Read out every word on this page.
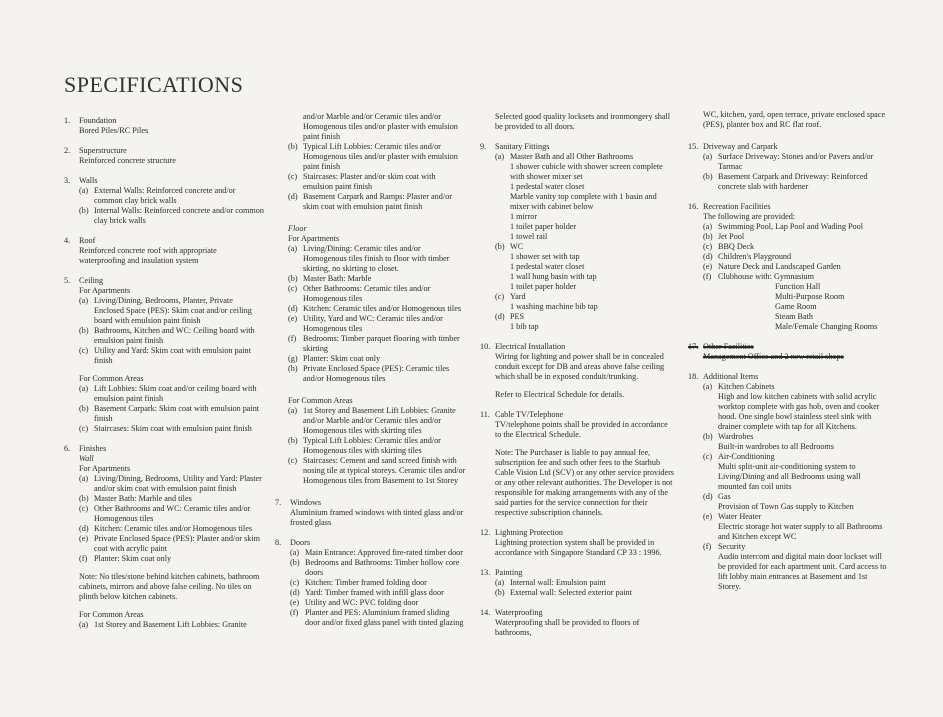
SPECIFICATIONS
1.	Foundation
Bored Piles/RC Piles
2.	Superstructure
Reinforced concrete structure
3.	Walls
(a) External Walls: Reinforced concrete and/or common clay brick walls
(b) Internal Walls: Reinforced concrete and/or common clay brick walls
4.	Roof
Reinforced concrete roof with appropriate waterproofing and insulation system
5.	Ceiling
For Apartments
(a) Living/Dining, Bedrooms, Planter, Private Enclosed Space (PES): Skim coat and/or ceiling board with emulsion paint finish
(b) Bathrooms, Kitchen and WC: Ceiling board with emulsion paint finish
(c) Utility and Yard: Skim coat with emulsion paint finish
For Common Areas
(a) Lift Lobbies: Skim coat and/or ceiling board with emulsion paint finish
(b) Basement Carpark: Skim coat with emulsion paint finish
(c) Staircases: Skim coat with emulsion paint finish
6.	Finishes
Wall
For Apartments
(a) Living/Dining, Bedrooms, Utility and Yard: Plaster and/or skim coat with emulsion paint finish
(b) Master Bath: Marble and tiles
(c) Other Bathrooms and WC: Ceramic tiles and/or Homogenous tiles
(d) Kitchen: Ceramic tiles and/or Homogenous tiles
(e) Private Enclosed Space (PES): Plaster and/or skim coat with acrylic paint
(f) Planter: Skim coat only
Note: No tiles/stone behind kitchen cabinets, bathroom cabinets, mirrors and above false ceiling. No tiles on plinth below kitchen cabinets.
For Common Areas
(a) 1st Storey and Basement Lift Lobbies: Granite
and/or Marble and/or Ceramic tiles and/or Homogenous tiles and/or plaster with emulsion paint finish
(b) Typical Lift Lobbies: Ceramic tiles and/or Homogenous tiles and/or plaster with emulsion paint finish
(c) Staircases: Plaster and/or skim coat with emulsion paint finish
(d) Basement Carpark and Ramps: Plaster and/or skim coat with emulsion paint finish
Floor
For Apartments
(a) Living/Dining: Ceramic tiles and/or Homogenous tiles finish to floor with timber skirting, no skirting to closet.
(b) Master Bath: Marble
(c) Other Bathrooms: Ceramic tiles and/or Homogenous tiles
(d) Kitchen: Ceramic tiles and/or Homogenous tiles
(e) Utility, Yard and WC: Ceramic tiles and/or Homogenous tiles
(f) Bedrooms: Timber parquet flooring with timber skirting
(g) Planter: Skim coat only
(h) Private Enclosed Space (PES): Ceramic tiles and/or Homogenous tiles
For Common Areas
(a) 1st Storey and Basement Lift Lobbies: Granite and/or Marble and/or Ceramic tiles and/or Homogenous tiles with skirting tiles
(b) Typical Lift Lobbies: Ceramic tiles and/or Homogenous tiles with skirting tiles
(c) Staircases: Cement and sand screed finish with nosing tile at typical storeys. Ceramic tiles and/or Homogenous tiles from Basement to 1st Storey
7.	Windows
Aluminium framed windows with tinted glass and/or frosted glass
8.	Doors
(a) Main Entrance: Approved fire-rated timber door
(b) Bedrooms and Bathrooms: Timber hollow core doors
(c) Kitchen: Timber framed folding door
(d) Yard: Timber framed with infill glass door
(e) Utility and WC: PVC folding door
(f) Planter and PES: Aluminium framed sliding door and/or fixed glass panel with tinted glazing
Selected good quality locksets and ironmongery shall be provided to all doors.
9.	Sanitary Fittings
(a) Master Bath and all Other Bathrooms
1 shower cubicle with shower screen complete with shower mixer set
1 pedestal water closet
Marble vanity top complete with 1 basin and mixer with cabinet below
1 mirror
1 toilet paper holder
1 towel rail
(b) WC
1 shower set with tap
1 pedestal water closet
1 wall hung basin with tap
1 toilet paper holder
(c) Yard
1 washing machine bib tap
(d) PES
1 bib tap
10. Electrical Installation
Wiring for lighting and power shall be in concealed conduit except for DB and areas above false ceiling which shall be in exposed conduit/trunking.
Refer to Electrical Schedule for details.
11. Cable TV/Telephone
TV/telephone points shall be provided in accordance to the Electrical Schedule.
Note: The Purchaser is liable to pay annual fee, subscription fee and such other fees to the Starhub Cable Vision Ltd (SCV) or any other service providers or any other relevant authorities. The Developer is not responsible for making arrangements with any of the said parties for the service connection for their respective subscription channels.
12. Lightning Protection
Lightning protection system shall be provided in accordance with Singapore Standard CP 33 : 1996.
13. Painting
(a) Internal wall: Emulsion paint
(b) External wall: Selected exterior paint
14. Waterproofing
Waterproofing shall be provided to floors of bathrooms,
WC, kitchen, yard, open terrace, private enclosed space (PES), planter box and RC flat roof.
15. Driveway and Carpark
(a) Surface Driveway: Stones and/or Pavers and/or Tarmac
(b) Basement Carpark and Driveway: Reinforced concrete slab with hardener
16. Recreation Facilities
The following are provided:
(a) Swimming Pool, Lap Pool and Wading Pool
(b) Jet Pool
(c) BBQ Deck
(d) Children's Playground
(e) Nature Deck and Landscaped Garden
(f) Clubhouse with: Gymnasium
Function Hall
Multi-Purpose Room
Game Room
Steam Bath
Male/Female Changing Rooms
17. Other Facilities
Management Office and 2 new retail shops
18. Additional Items
(a) Kitchen Cabinets
High and low kitchen cabinets with solid acrylic worktop complete with gas hob, oven and cooker hood. One single bowl stainless steel sink with drainer complete with tap for all Kitchens.
(b) Wardrobes
Built-in wardrobes to all Bedrooms
(c) Air-Conditioning
Multi split-unit air-conditioning system to Living/Dining and all Bedrooms using wall mounted fan coil units
(d) Gas
Provision of Town Gas supply to Kitchen
(e) Water Heater
Electric storage hot water supply to all Bathrooms and Kitchen except WC
(f) Security
Audio intercom and digital main door lockset will be provided for each apartment unit. Card access to lift lobby main entrances at Basement and 1st Storey.
